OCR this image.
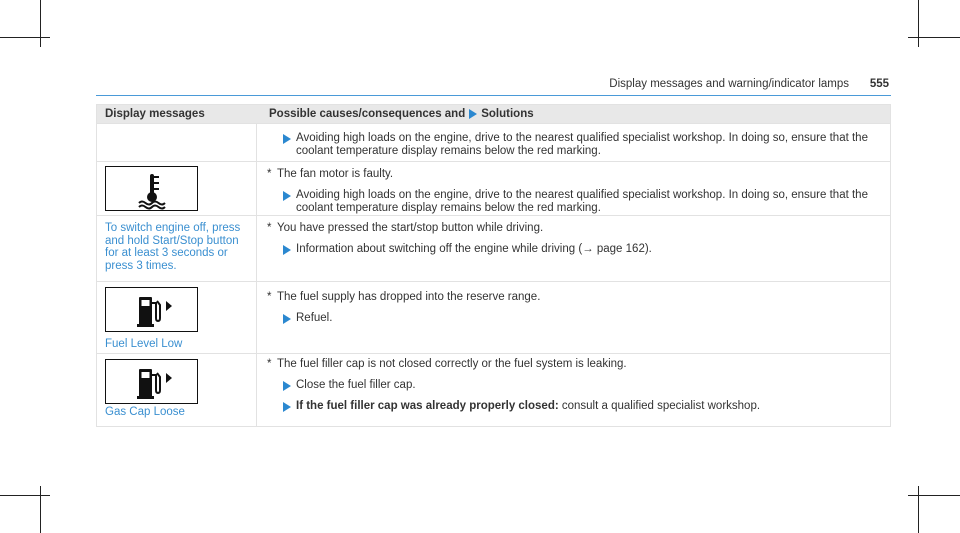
Display messages and warning/indicator lamps 555
Display messages	Possible causes/consequences and Solutions
Avoiding high loads on the engine, drive to the nearest qualified specialist workshop. In doing so, ensure that the coolant temperature display remains below the red marking.
* The fan motor is faulty.
Avoiding high loads on the engine, drive to the nearest qualified specialist workshop. In doing so, ensure that the coolant temperature display remains below the red marking.
To switch engine off, press and hold Start/Stop button for at least 3 seconds or press 3 times.
* You have pressed the start/stop button while driving.
Information about switching off the engine while driving (→ page 162).
Fuel Level Low
* The fuel supply has dropped into the reserve range.
Refuel.
Gas Cap Loose
* The fuel filler cap is not closed correctly or the fuel system is leaking.
Close the fuel filler cap.
If the fuel filler cap was already properly closed: consult a qualified specialist workshop.
